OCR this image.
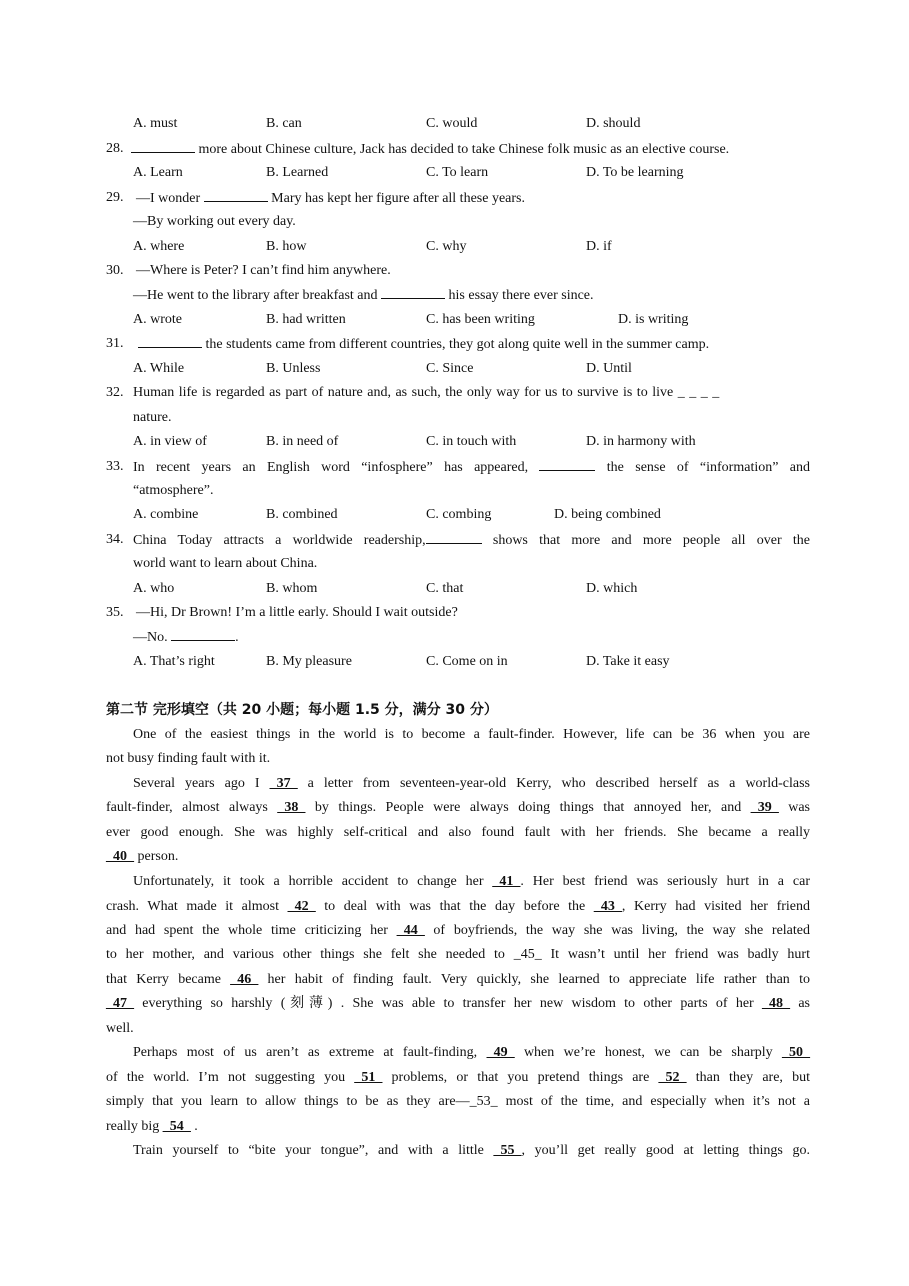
A. must	B. can	C. would	D. should
28.	more about Chinese culture, Jack has decided to take Chinese folk music as an elective course.
A. Learn	B. Learned	C. To learn	D. To be learning
29. —I wonder	Mary has kept her figure after all these years.
—By working out every day.
A. where	B. how	C. why	D. if
30. —Where is Peter? I can’t find him anywhere.
—He went to the library after breakfast and	his essay there ever since.
A. wrote	B. had written	C. has been writing	D. is writing
31.	the students came from different countries, they got along quite well in the summer camp.
A. While	B. Unless	C. Since	D. Until
32. Human life is regarded as part of nature and, as such, the only way for us to survive is to live _ _ _ _
nature.
A. in view of	B. in need of	C. in touch with	D. in harmony with
33. In recent years an English word “infosphere” has appeared,	the sense of “information” and
“atmosphere”.
A. combine	B. combined	C. combing	D. being combined
34. China Today attracts a worldwide readership,	shows that more and more people all over the
world want to learn about China.
A. who	B. whom	C. that	D. which
35. —Hi, Dr Brown! I’m a little early. Should I wait outside?
—No.	.
A. That’s right	B. My pleasure	C. Come on in	D. Take it easy
第二节 完形填空（共 20 小题；每小题 1.5 分，满分 30 分）
One of the easiest things in the world is to become a fault-finder. However, life can be 36 when you are
not busy finding fault with it.
Several years ago I _37_ a letter from seventeen-year-old Kerry, who described herself as a world-class
fault-finder, almost always _38_ by things. People were always doing things that annoyed her, and _39_ was
ever good enough. She was highly self-critical and also found fault with her friends. She became a really
_40_ person.
Unfortunately, it took a horrible accident to change her _41_. Her best friend was seriously hurt in a car
crash. What made it almost _42_ to deal with was that the day before the _43_, Kerry had visited her friend
and had spent the whole time criticizing her _44_ of boyfriends, the way she was living, the way she related
to her mother, and various other things she felt she needed to _45_ It wasn’t until her friend was badly hurt
that Kerry became _46_ her habit of finding fault. Very quickly, she learned to appreciate life rather than to
_47_ everything so harshly (刻薄) . She was able to transfer her new wisdom to other parts of her _48_ as
well.
Perhaps most of us aren’t as extreme at fault-finding, _49_ when we’re honest, we can be sharply _50_
of the world. I’m not suggesting you _51_ problems, or that you pretend things are _52_ than they are, but
simply that you learn to allow things to be as they are—_53_ most of the time, and especially when it’s not a
really big _54_ .
Train yourself to “bite your tongue”, and with a little _55_, you’ll get really good at letting things go.
